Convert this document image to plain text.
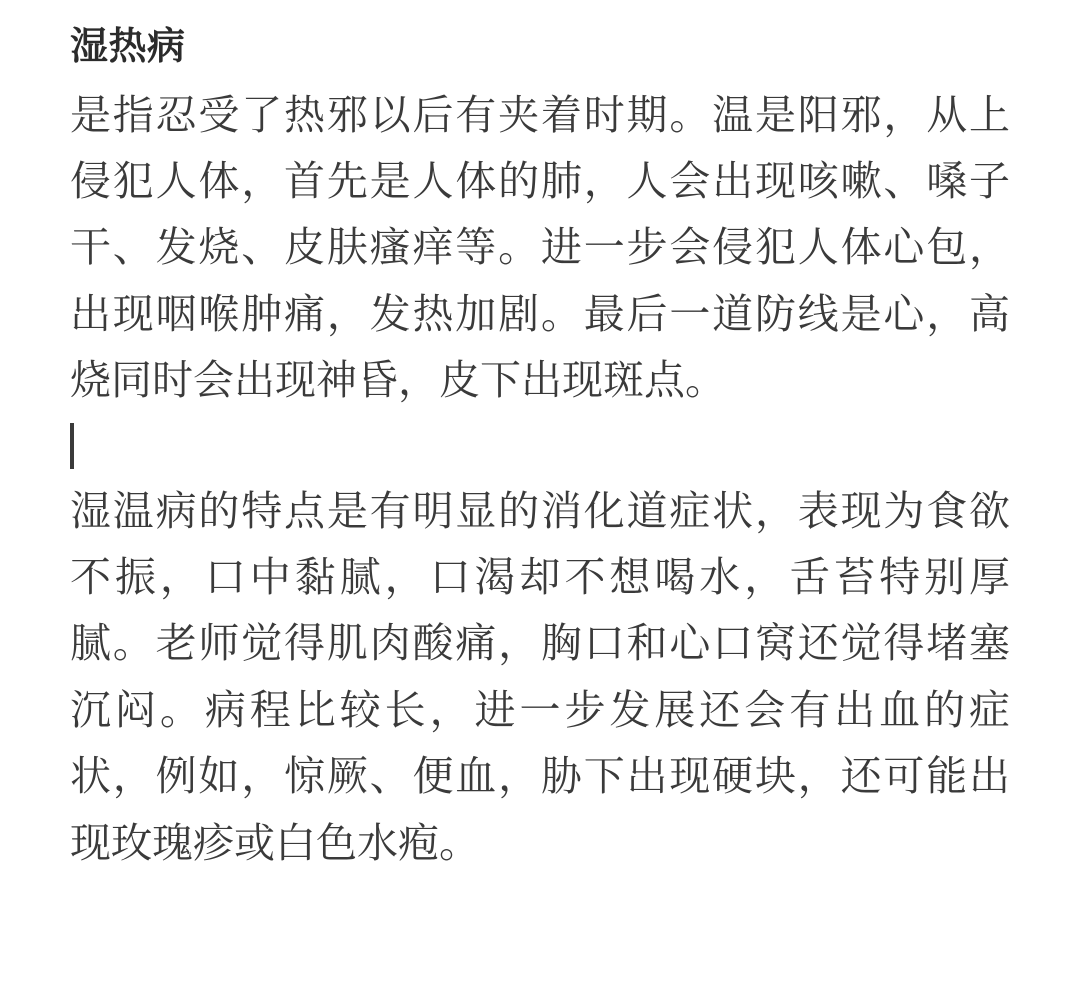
湿热病

是指忍受了热邪以后有夹着时期。温是阳邪，从上侵犯人体，首先是人体的肺，人会出现咳嗽、嗓子干、发烧、皮肤瘙痒等。进一步会侵犯人体心包，出现咽喉肿痛，发热加剧。最后一道防线是心，高烧同时会出现神昏，皮下出现斑点。

湿温病的特点是有明显的消化道症状，表现为食欲不振，口中黏腻，口渴却不想喝水，舌苔特别厚腻。老师觉得肌肉酸痛，胸口和心口窝还觉得堵塞沉闷。病程比较长，进一步发展还会有出血的症状，例如，惊厥、便血，胁下出现硬块，还可能出现玫瑰疹或白色水疱。
